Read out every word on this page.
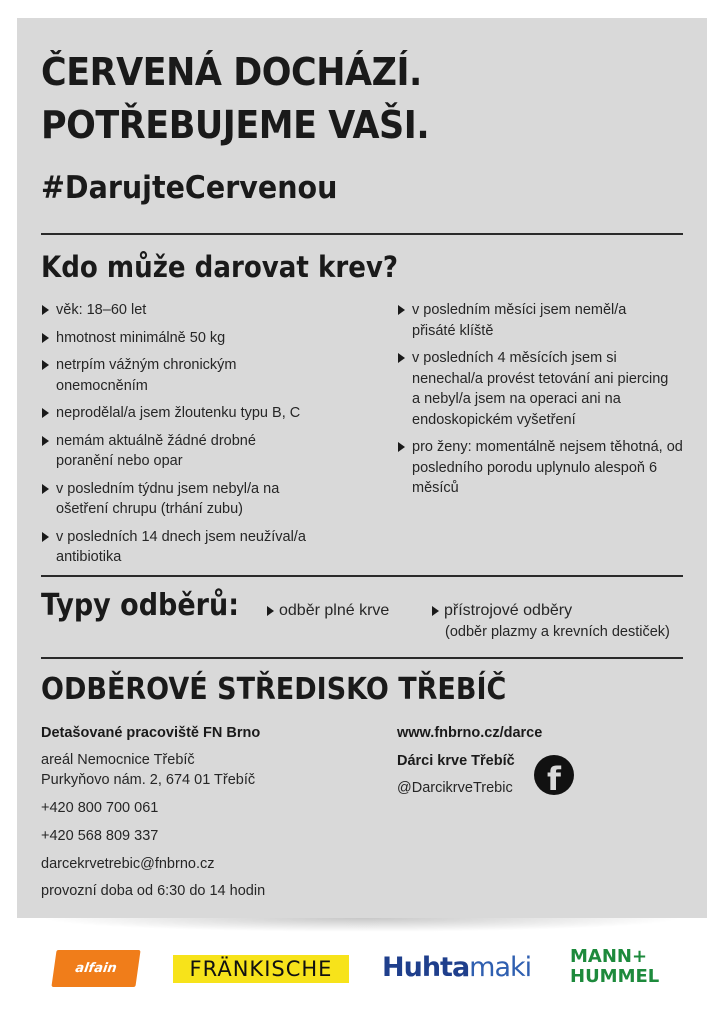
ČERVENÁ DOCHÁZÍ.
POTŘEBUJEME VAŠI.
#DarujteCervenou
Kdo může darovat krev?
věk: 18–60 let
hmotnost minimálně 50 kg
netrpím vážným chronickým onemocněním
neprodělal/a jsem žloutenku typu B, C
nemám aktuálně žádné drobné poranění nebo opar
v posledním týdnu jsem nebyl/a na ošetření chrupu (trhání zubu)
v posledních 14 dnech jsem neužíval/a antibiotika
v posledním měsíci jsem neměl/a přisáté klíště
v posledních 4 měsících jsem si nenechal/a provést tetování ani piercing a nebyl/a jsem na operaci ani na endoskopickém vyšetření
pro ženy: momentálně nejsem těhotná, od posledního porodu uplynulo alespoň 6 měsíců
Typy odběrů:	odběr plné krve	přístrojové odběry
(odběr plazmy a krevních destiček)
ODBĚROVÉ STŘEDISKO TŘEBÍČ
Detašované pracoviště FN Brno
areál Nemocnice Třebíč
Purkyňovo nám. 2, 674 01 Třebíč
+420 800 700 061
+420 568 809 337
darcekrvetrebic@fnbrno.cz
provozní doba od 6:30 do 14 hodin
www.fnbrno.cz/darce
Dárci krve Třebíč
@DarcikrveTrebic	f
alfain	FRÄNKISCHE	Huhtamaki MANN+
HUMMEL
